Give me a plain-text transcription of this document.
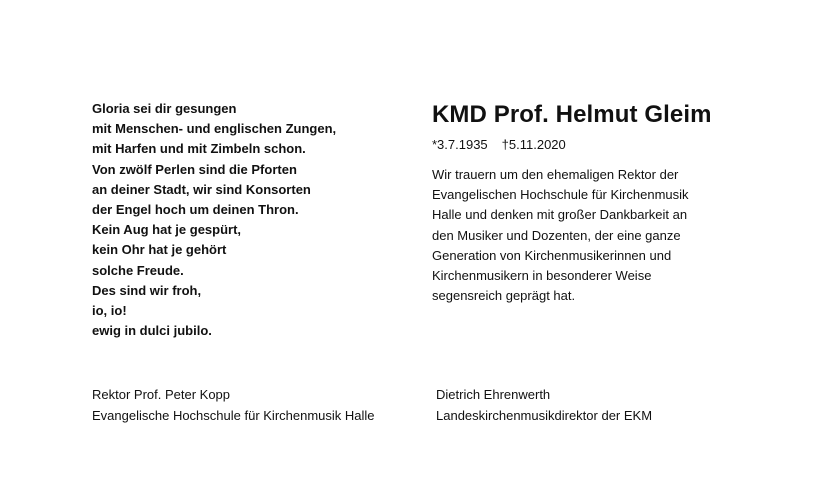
Gloria sei dir gesungen
mit Menschen- und englischen Zungen,
mit Harfen und mit Zimbeln schon.
Von zwölf Perlen sind die Pforten
an deiner Stadt, wir sind Konsorten
der Engel hoch um deinen Thron.
Kein Aug hat je gespürt,
kein Ohr hat je gehört
solche Freude.
Des sind wir froh,
io, io!
ewig in dulci jubilo.
KMD Prof. Helmut Gleim
*3.7.1935 †5.11.2020
Wir trauern um den ehemaligen Rektor der
Evangelischen Hochschule für Kirchenmusik
Halle und denken mit großer Dankbarkeit an
den Musiker und Dozenten, der eine ganze
Generation von Kirchenmusikerinnen und
Kirchenmusikern in besonderer Weise
segensreich geprägt hat.
Rektor Prof. Peter Kopp
Evangelische Hochschule für Kirchenmusik Halle
Dietrich Ehrenwerth
Landeskirchenmusikdirektor der EKM
